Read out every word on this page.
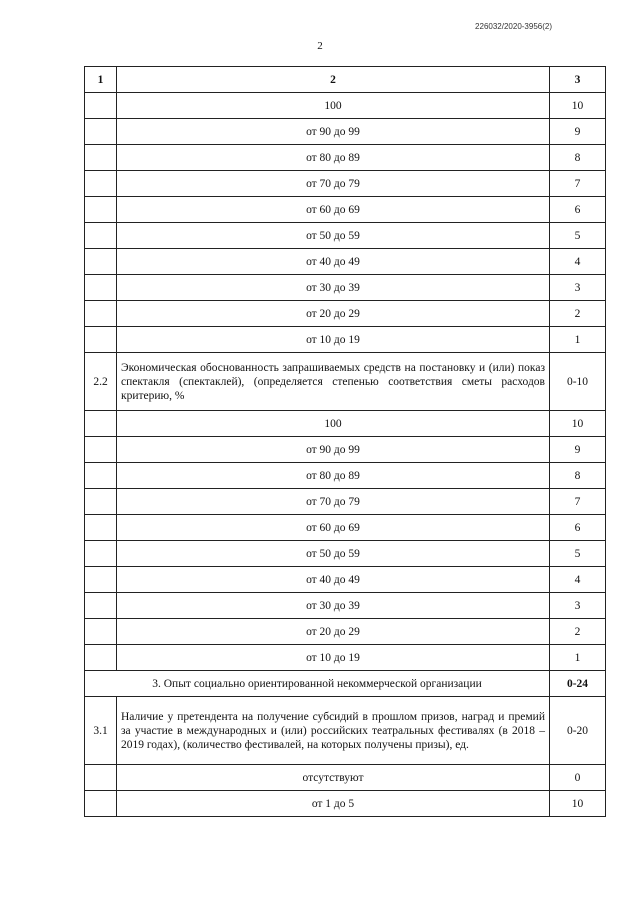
226032/2020-3956(2)
2
1	2	3
	100	10
	от 90 до 99	9
	от 80 до 89	8
	от 70 до 79	7
	от 60 до 69	6
	от 50 до 59	5
	от 40 до 49	4
	от 30 до 39	3
	от 20 до 29	2
	от 10 до 19	1
2.2	Экономическая обоснованность запрашиваемых средств на постановку и (или) показ спектакля (спектаклей), (определяется степенью соответствия сметы расходов критерию, %	0-10
	100	10
	от 90 до 99	9
	от 80 до 89	8
	от 70 до 79	7
	от 60 до 69	6
	от 50 до 59	5
	от 40 до 49	4
	от 30 до 39	3
	от 20 до 29	2
	от 10 до 19	1
3. Опыт социально ориентированной некоммерческой организации		0-24
3.1	Наличие у претендента на получение субсидий в прошлом призов, наград и премий за участие в международных и (или) российских театральных фестивалях (в 2018 – 2019 годах), (количество фестивалей, на которых получены призы), ед.	0-20
	отсутствуют	0
	от 1 до 5	10
